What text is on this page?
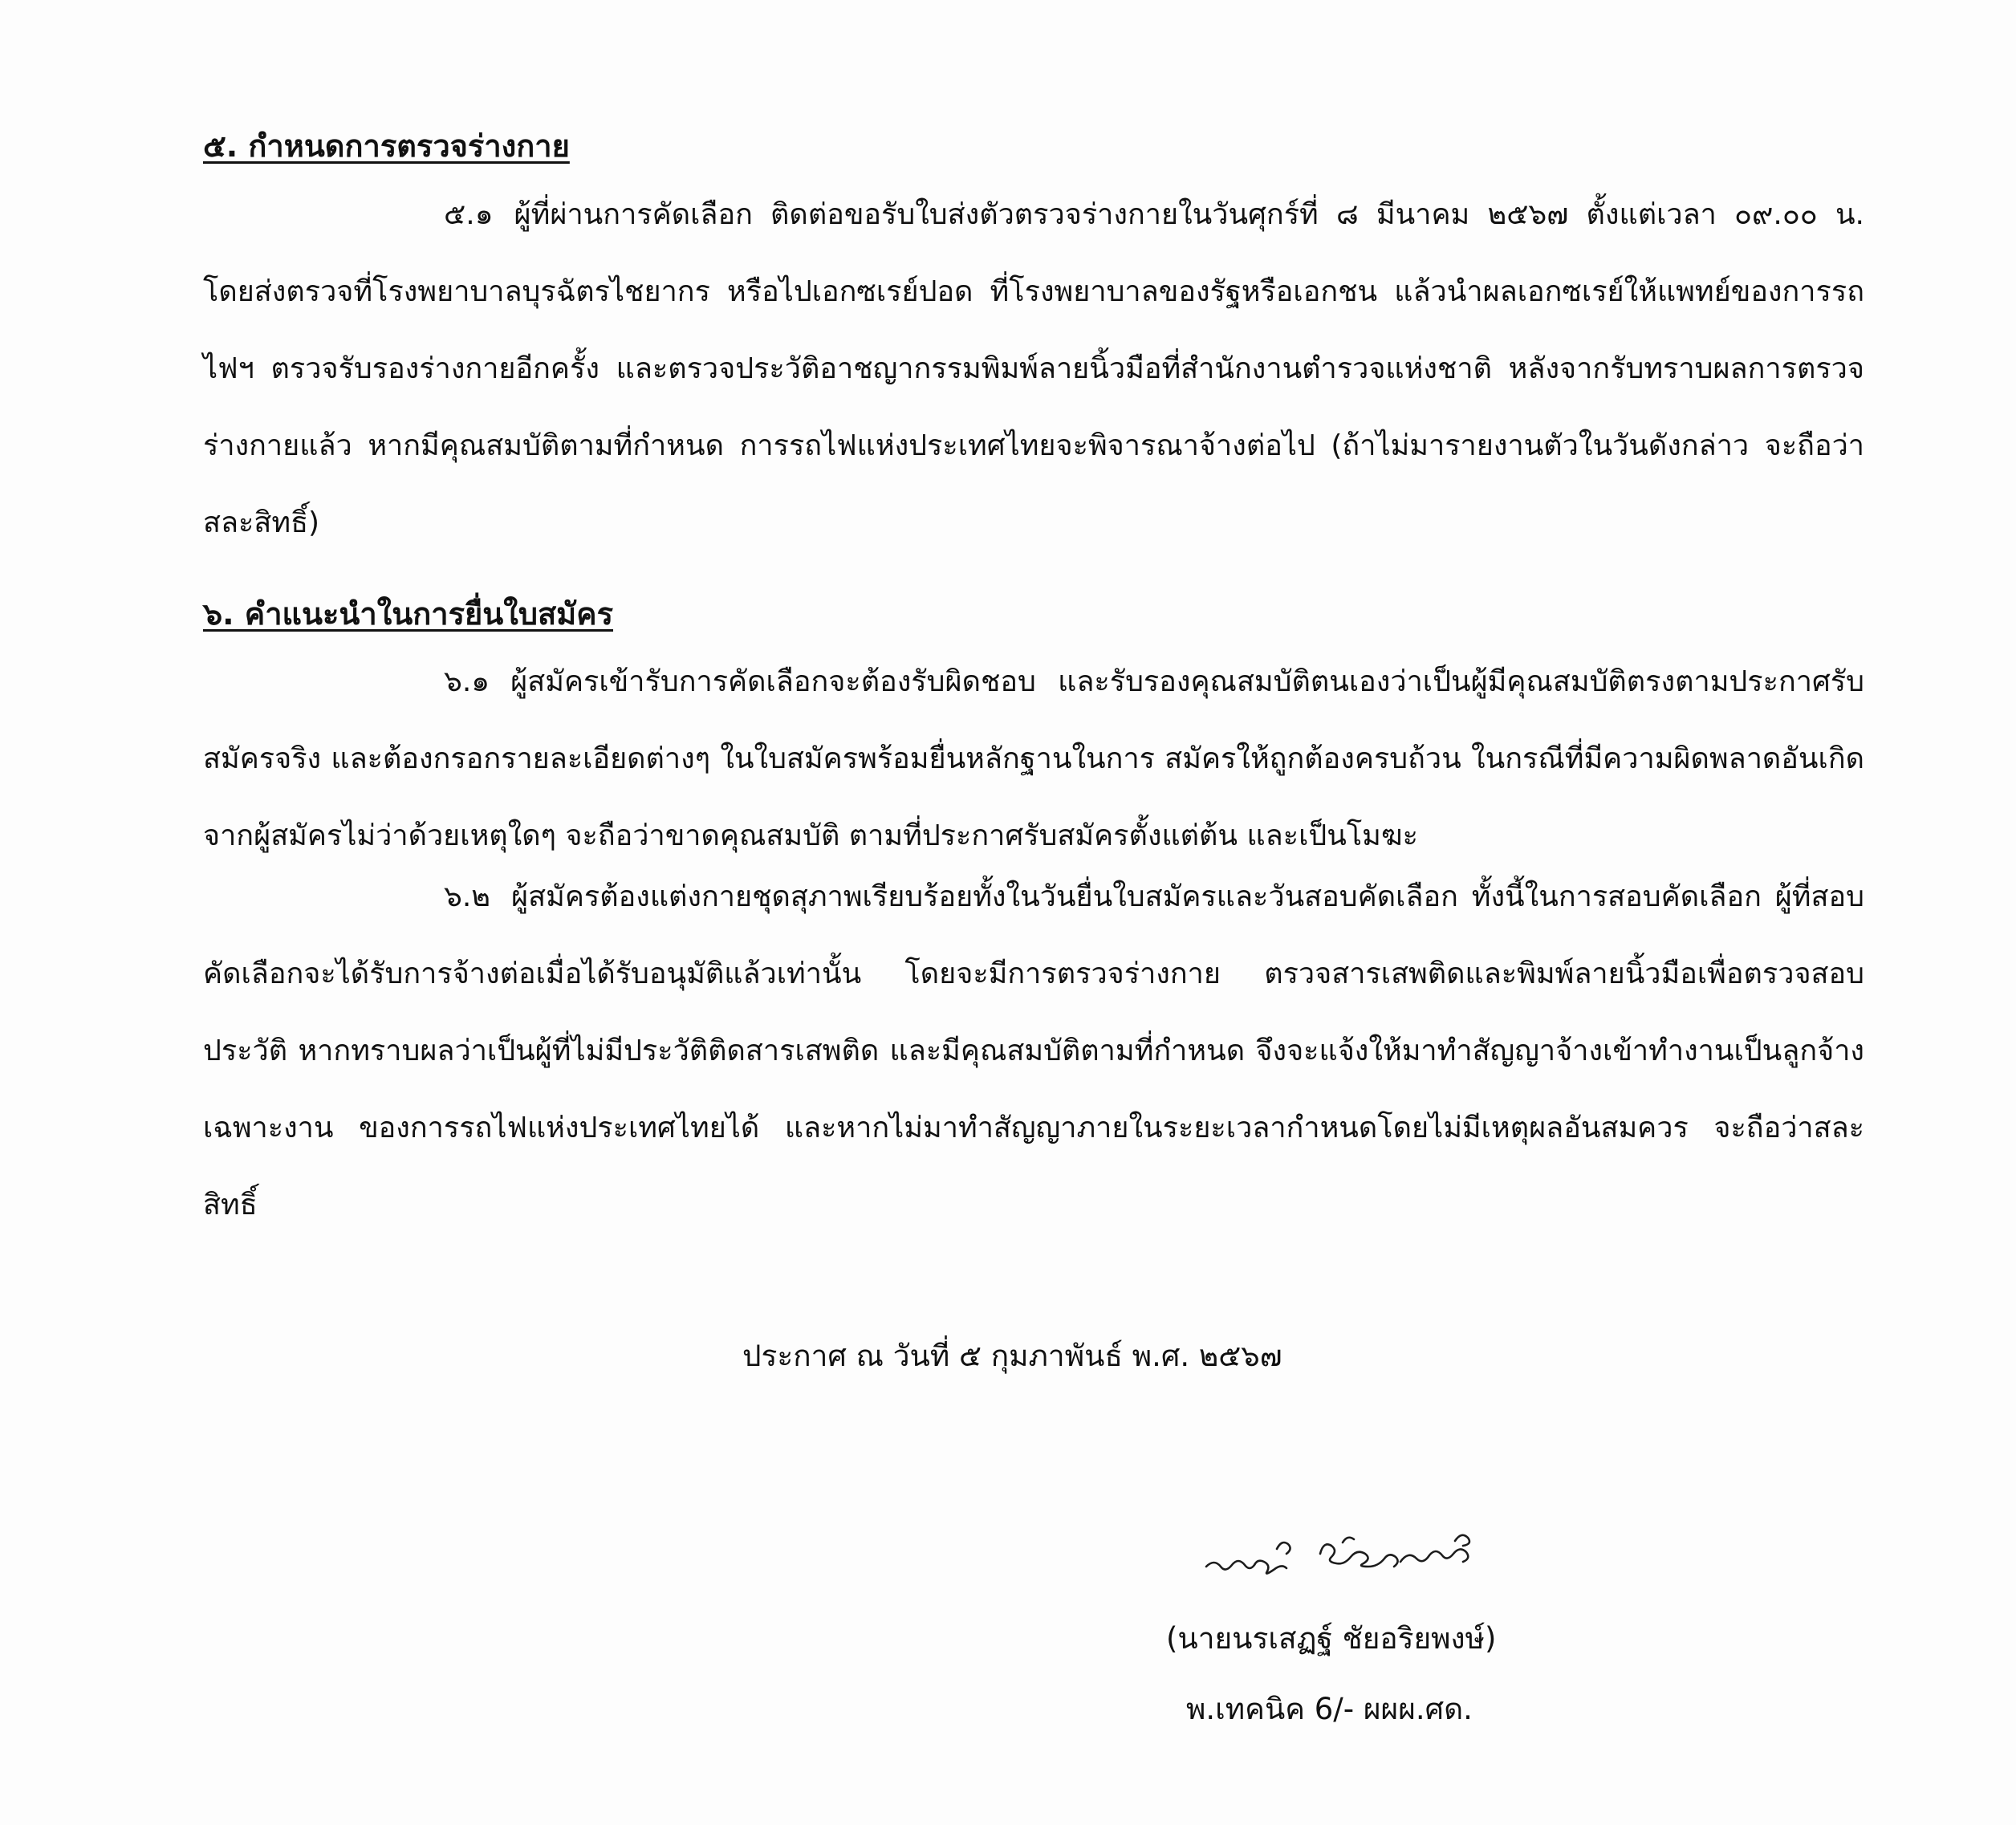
๕. กำหนดการตรวจร่างกาย

๕.๑ ผู้ที่ผ่านการคัดเลือก ติดต่อขอรับใบส่งตัวตรวจร่างกายในวันศุกร์ที่ ๘ มีนาคม ๒๕๖๗ ตั้งแต่เวลา ๐๙.๐๐ น. โดยส่งตรวจที่โรงพยาบาลบุรฉัตรไชยากร หรือไปเอกซเรย์ปอด ที่โรงพยาบาลของรัฐหรือเอกชน แล้วนำผลเอกซเรย์ให้แพทย์ของการรถไฟฯ ตรวจรับรองร่างกายอีกครั้ง และตรวจประวัติอาชญากรรมพิมพ์ลายนิ้วมือที่สำนักงานตำรวจแห่งชาติ หลังจากรับทราบผลการตรวจร่างกายแล้ว หากมีคุณสมบัติตามที่กำหนด การรถไฟแห่งประเทศไทยจะพิจารณาจ้างต่อไป (ถ้าไม่มารายงานตัวในวันดังกล่าว จะถือว่าสละสิทธิ์)

๖. คำแนะนำในการยื่นใบสมัคร

๖.๑ ผู้สมัครเข้ารับการคัดเลือกจะต้องรับผิดชอบ และรับรองคุณสมบัติตนเองว่าเป็นผู้มีคุณสมบัติตรงตามประกาศรับสมัครจริง และต้องกรอกรายละเอียดต่างๆ ในใบสมัครพร้อมยื่นหลักฐานในการ สมัครให้ถูกต้องครบถ้วน ในกรณีที่มีความผิดพลาดอันเกิดจากผู้สมัครไม่ว่าด้วยเหตุใดๆ จะถือว่าขาดคุณสมบัติ ตามที่ประกาศรับสมัครตั้งแต่ต้น และเป็นโมฆะ

๖.๒ ผู้สมัครต้องแต่งกายชุดสุภาพเรียบร้อยทั้งในวันยื่นใบสมัครและวันสอบคัดเลือก ทั้งนี้ในการสอบคัดเลือก ผู้ที่สอบคัดเลือกจะได้รับการจ้างต่อเมื่อได้รับอนุมัติแล้วเท่านั้น โดยจะมีการตรวจร่างกาย ตรวจสารเสพติดและพิมพ์ลายนิ้วมือเพื่อตรวจสอบประวัติ หากทราบผลว่าเป็นผู้ที่ไม่มีประวัติติดสารเสพติด และมีคุณสมบัติตามที่กำหนด จึงจะแจ้งให้มาทำสัญญาจ้างเข้าทำงานเป็นลูกจ้างเฉพาะงาน ของการรถไฟแห่งประเทศไทยได้ และหากไม่มาทำสัญญาภายในระยะเวลากำหนดโดยไม่มีเหตุผลอันสมควร จะถือว่าสละสิทธิ์

ประกาศ ณ วันที่ ๕ กุมภาพันธ์ พ.ศ. ๒๕๖๗
(นายนรเสฏฐ์ ชัยอริยพงษ์)
พ.เทคนิค 6/- ผผผ.ศด.
